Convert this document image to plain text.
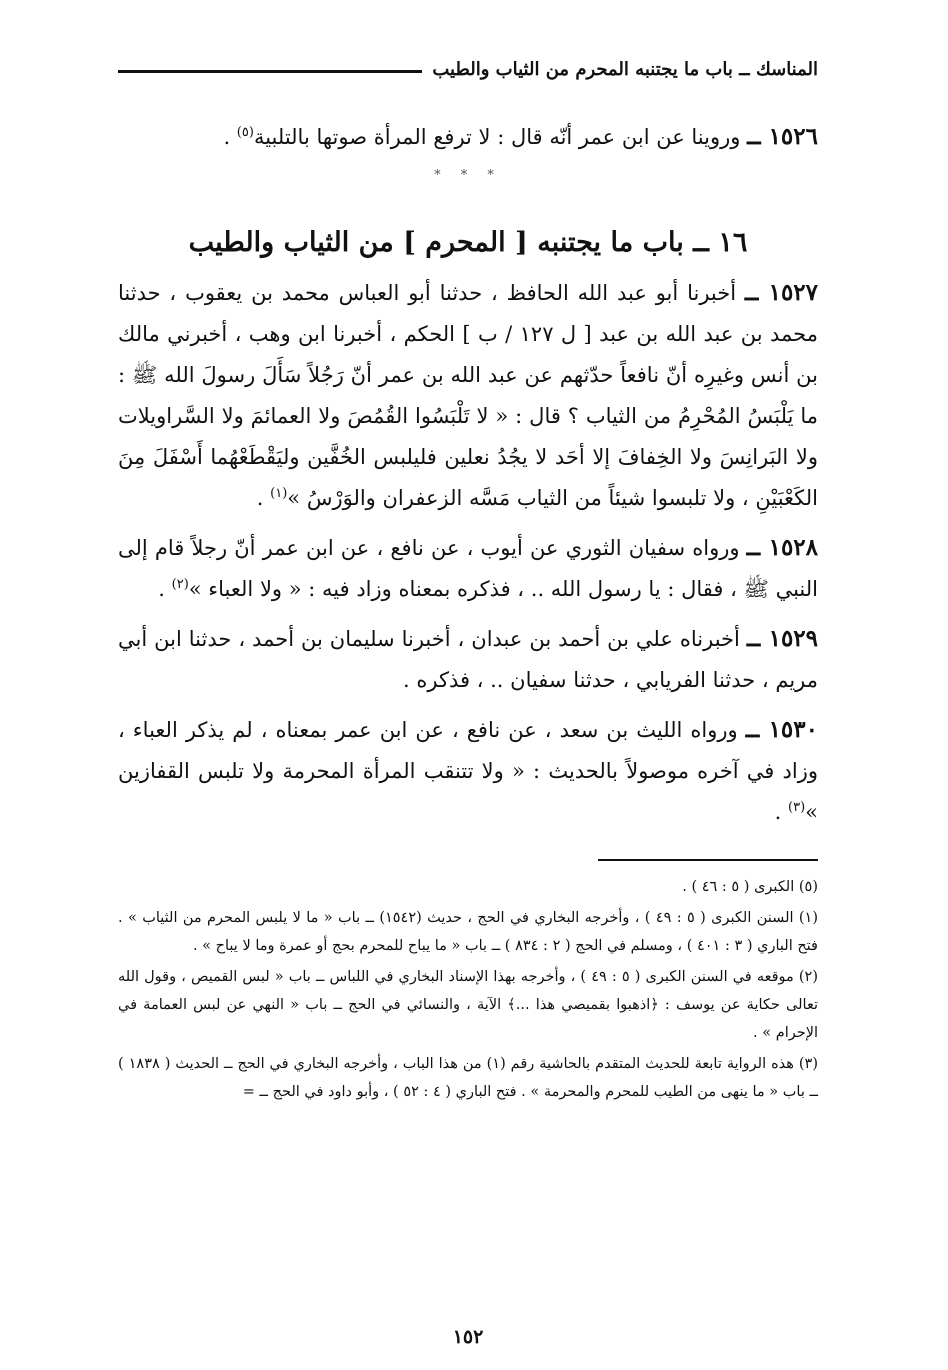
المناسك ــ باب ما يجتنبه المحرم من الثياب والطيب

١٥٢٦ ــ وروينا عن ابن عمر أنّه قال : لا ترفع المرأة صوتها بالتلبية$^{(٥)}$ .

* * *
١٦ ــ باب ما يجتنبه [ المحرم ] من الثياب والطيب

١٥٢٧ ــ أخبرنا أبو عبد الله الحافظ ، حدثنا أبو العباس محمد بن يعقوب ، حدثنا محمد بن عبد الله بن عبد [ ل ١٢٧ / ب ] الحكم ، أخبرنا ابن وهب ، أخبرني مالك بن أنس وغيرِه أنّ نافعاً حدّثهم عن عبد الله بن عمر أنّ رَجُلاً سَأَلَ رسولَ الله ﷺ : ما يَلْبَسُ المُحْرِمُ من الثياب ؟ قال : « لا تَلْبَسُوا القُمُصَ ولا العمائمَ ولا السَّراويلات ولا البَرانِسَ ولا الخِفافَ إلا أحَد لا يجُدُ نعلين فليلبس الخُفَّين وليَقْطَعْهُما أَسْفَلَ مِنَ الكَعْبَيْنِ ، ولا تلبسوا شيئاً من الثياب مَسَّه الزعفران والوَرْسُ »$^{(١)}$ .

١٥٢٨ ــ ورواه سفيان الثوري عن أيوب ، عن نافع ، عن ابن عمر أنّ رجلاً قام إلى النبي ﷺ ، فقال : يا رسول الله .. ، فذكره بمعناه وزاد فيه : « ولا العباء »$^{(٢)}$ .

١٥٢٩ ــ أخبرناه علي بن أحمد بن عبدان ، أخبرنا سليمان بن أحمد ، حدثنا ابن أبي مريم ، حدثنا الفريابي ، حدثنا سفيان .. ، فذكره .

١٥٣٠ ــ ورواه الليث بن سعد ، عن نافع ، عن ابن عمر بمعناه ، لم يذكر العباء ، وزاد في آخره موصولاً بالحديث : « ولا تتنقب المرأة المحرمة ولا تلبس القفازين »$^{(٣)}$ .

(٥) الكبرى ( ٥ : ٤٦ ) .

(١) السنن الكبرى ( ٥ : ٤٩ ) ، وأخرجه البخاري في الحج ، حديث (١٥٤٢) ــ باب « ما لا يلبس المحرم من الثياب » . فتح الباري ( ٣ : ٤٠١ ) ، ومسلم في الحج ( ٢ : ٨٣٤ ) ــ باب « ما يباح للمحرم بحج أو عمرة وما لا يباح » .

(٢) موقعه في السنن الكبرى ( ٥ : ٤٩ ) ، وأخرجه بهذا الإسناد البخاري في اللباس ــ باب « لبس القميص ، وقول الله تعالى حكاية عن يوسف : ﴿اذهبوا بقميصي هذا ...﴾ الآية ، والنسائي في الحج ــ باب « النهي عن لبس العمامة في الإحرام » .

(٣) هذه الرواية تابعة للحديث المتقدم بالحاشية رقم (١) من هذا الباب ، وأخرجه البخاري في الحج ــ الحديث ( ١٨٣٨ ) ــ باب « ما ينهى من الطيب للمحرم والمحرمة » . فتح الباري ( ٤ : ٥٢ ) ، وأبو داود في الحج ــ =

١٥٢
